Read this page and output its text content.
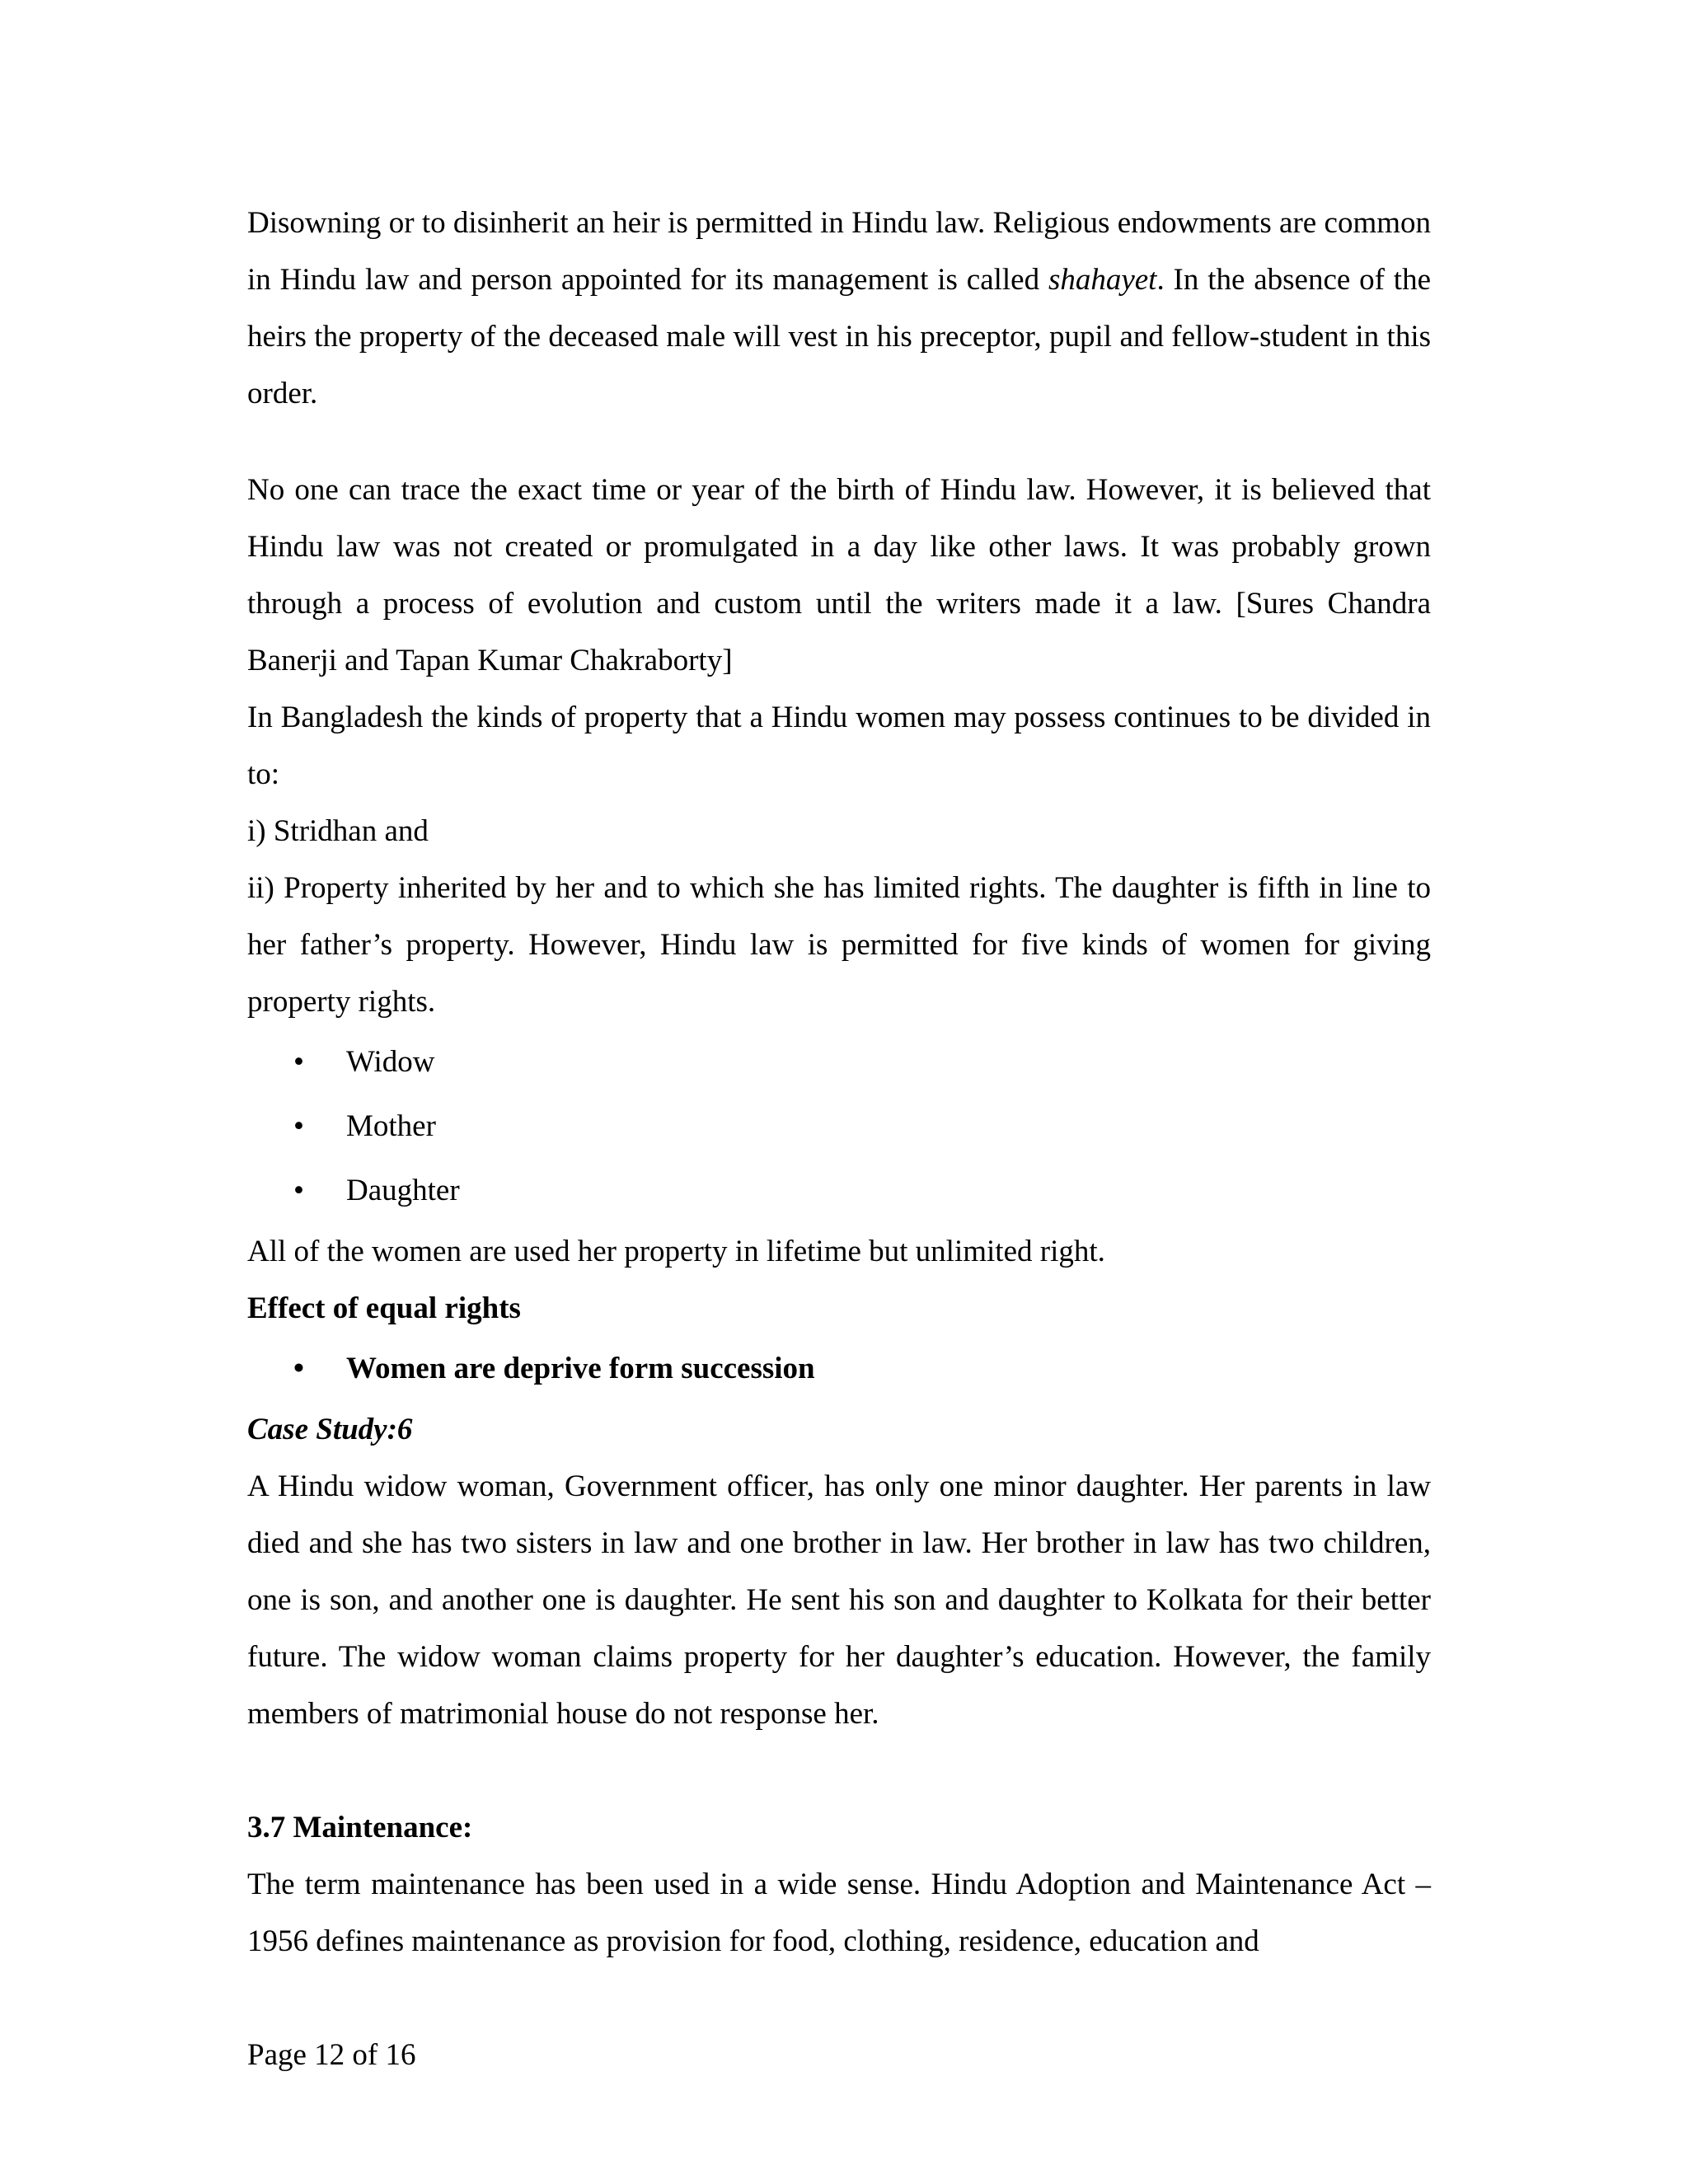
Disowning or to disinherit an heir is permitted in Hindu law. Religious endowments are common in Hindu law and person appointed for its management is called shahayet. In the absence of the heirs the property of the deceased male will vest in his preceptor, pupil and fellow-student in this order.

No one can trace the exact time or year of the birth of Hindu law. However, it is believed that Hindu law was not created or promulgated in a day like other laws. It was probably grown through a process of evolution and custom until the writers made it a law. [Sures Chandra Banerji and Tapan Kumar Chakraborty]

In Bangladesh the kinds of property that a Hindu women may possess continues to be divided in to:

i) Stridhan and

ii) Property inherited by her and to which she has limited rights. The daughter is fifth in line to her father’s property. However, Hindu law is permitted for five kinds of women for giving property rights.

• Widow
• Mother
• Daughter

All of the women are used her property in lifetime but unlimited right.

Effect of equal rights

• Women are deprive form succession

Case Study:6

A Hindu widow woman, Government officer, has only one minor daughter. Her parents in law died and she has two sisters in law and one brother in law. Her brother in law has two children, one is son, and another one is daughter. He sent his son and daughter to Kolkata for their better future. The widow woman claims property for her daughter’s education. However, the family members of matrimonial house do not response her.

3.7 Maintenance:

The term maintenance has been used in a wide sense. Hindu Adoption and Maintenance Act – 1956 defines maintenance as provision for food, clothing, residence, education and

Page 12 of 16
